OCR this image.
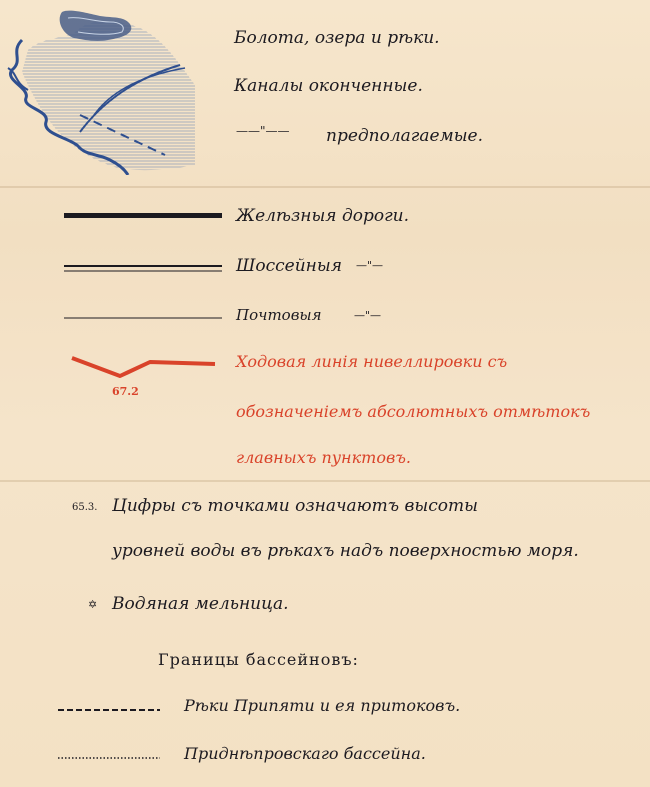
Болота, озера и рѣки.
Каналы оконченные.
——"—— предполагаемые.
Желѣзныя дороги.
Шоссейныя —"—
Почтовыя	—"—
67.2
Ходовая линія нивеллировки съ
обозначеніемъ абсолютныхъ отмѣтокъ
главныхъ пунктовъ.
65.3. Цифры съ точками означаютъ высоты
уровней воды въ рѣкахъ надъ поверхностью моря.
✡ Водяная мельница.
Границы бассейновъ:
Рѣки Припяти и ея притоковъ.
Приднѣпровскаго бассейна.
